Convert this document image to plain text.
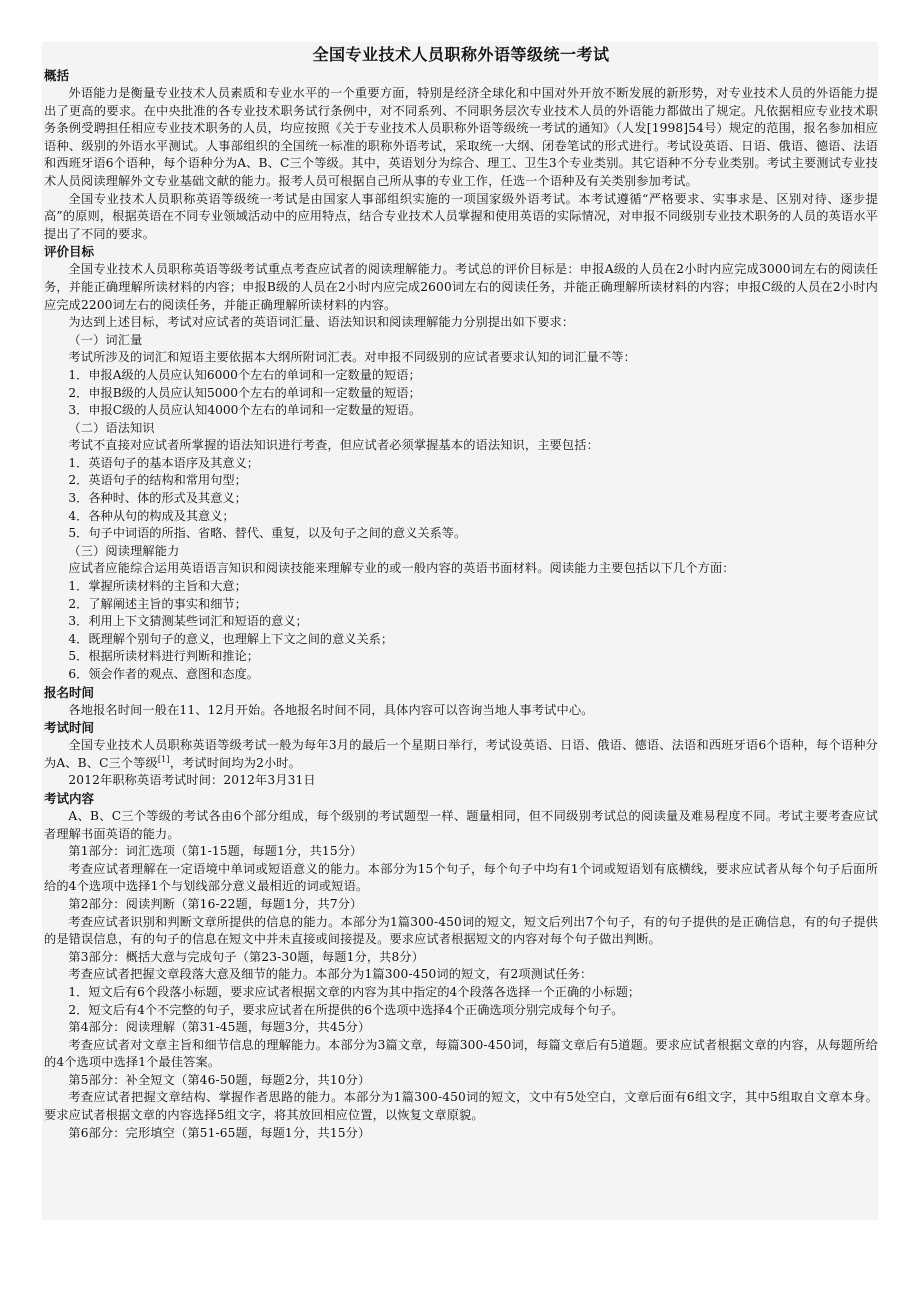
全国专业技术人员职称外语等级统一考试
概括

外语能力是衡量专业技术人员素质和专业水平的一个重要方面，特别是经济全球化和中国对外开放不断发展的新形势，对专业技术人员的外语能力提出了更高的要求。在中央批准的各专业技术职务试行条例中，对不同系列、不同职务层次专业技术人员的外语能力都做出了规定。凡依据相应专业技术职务条例受聘担任相应专业技术职务的人员，均应按照《关于专业技术人员职称外语等级统一考试的通知》（人发[1998]54号）规定的范围，报名参加相应语种、级别的外语水平测试。人事部组织的全国统一标准的职称外语考试，采取统一大纲、闭卷笔试的形式进行。考试设英语、日语、俄语、德语、法语和西班牙语6个语种，每个语种分为A、B、C三个等级。其中，英语划分为综合、理工、卫生3个专业类别。其它语种不分专业类别。考试主要测试专业技术人员阅读理解外文专业基础文献的能力。报考人员可根据自己所从事的专业工作，任选一个语种及有关类别参加考试。

全国专业技术人员职称英语等级统一考试是由国家人事部组织实施的一项国家级外语考试。本考试遵循“严格要求、实事求是、区别对待、逐步提高”的原则，根据英语在不同专业领域活动中的应用特点，结合专业技术人员掌握和使用英语的实际情况，对申报不同级别专业技术职务的人员的英语水平提出了不同的要求。

评价目标

全国专业技术人员职称英语等级考试重点考查应试者的阅读理解能力。考试总的评价目标是：申报A级的人员在2小时内应完成3000词左右的阅读任务，并能正确理解所读材料的内容；申报B级的人员在2小时内应完成2600词左右的阅读任务，并能正确理解所读材料的内容；申报C级的人员在2小时内应完成2200词左右的阅读任务，并能正确理解所读材料的内容。

为达到上述目标，考试对应试者的英语词汇量、语法知识和阅读理解能力分别提出如下要求：

（一）词汇量

考试所涉及的词汇和短语主要依据本大纲所附词汇表。对申报不同级别的应试者要求认知的词汇量不等：

1．申报A级的人员应认知6000个左右的单词和一定数量的短语；
2．申报B级的人员应认知5000个左右的单词和一定数量的短语；
3．申报C级的人员应认知4000个左右的单词和一定数量的短语。

（二）语法知识

考试不直接对应试者所掌握的语法知识进行考查，但应试者必须掌握基本的语法知识，主要包括：

1．英语句子的基本语序及其意义；
2．英语句子的结构和常用句型；
3．各种时、体的形式及其意义；
4．各种从句的构成及其意义；
5．句子中词语的所指、省略、替代、重复，以及句子之间的意义关系等。

（三）阅读理解能力

应试者应能综合运用英语语言知识和阅读技能来理解专业的或一般内容的英语书面材料。阅读能力主要包括以下几个方面：

1．掌握所读材料的主旨和大意；
2．了解阐述主旨的事实和细节；
3．利用上下文猜测某些词汇和短语的意义；
4．既理解个别句子的意义，也理解上下文之间的意义关系；
5．根据所读材料进行判断和推论；
6．领会作者的观点、意图和态度。
报名时间

各地报名时间一般在11、12月开始。各地报名时间不同，具体内容可以咨询当地人事考试中心。

考试时间

全国专业技术人员职称英语等级考试一般为每年3月的最后一个星期日举行，考试设英语、日语、俄语、德语、法语和西班牙语6个语种，每个语种分为A、B、C三个等级[1]，考试时间均为2小时。

2012年职称英语考试时间：2012年3月31日

考试内容

A、B、C三个等级的考试各由6个部分组成，每个级别的考试题型一样、题量相同，但不同级别考试总的阅读量及难易程度不同。考试主要考查应试者理解书面英语的能力。

第1部分：词汇选项（第1-15题，每题1分，共15分）

考查应试者理解在一定语境中单词或短语意义的能力。本部分为15个句子，每个句子中均有1个词或短语划有底横线，要求应试者从每个句子后面所给的4个选项中选择1个与划线部分意义最相近的词或短语。

第2部分：阅读判断（第16-22题，每题1分，共7分）

考查应试者识别和判断文章所提供的信息的能力。本部分为1篇300-450词的短文，短文后列出7个句子，有的句子提供的是正确信息，有的句子提供的是错误信息，有的句子的信息在短文中并未直接或间接提及。要求应试者根据短文的内容对每个句子做出判断。

第3部分：概括大意与完成句子（第23-30题，每题1分，共8分）

考查应试者把握文章段落大意及细节的能力。本部分为1篇300-450词的短文，有2项测试任务：

1．短文后有6个段落小标题，要求应试者根据文章的内容为其中指定的4个段落各选择一个正确的小标题；
2．短文后有4个不完整的句子，要求应试者在所提供的6个选项中选择4个正确选项分别完成每个句子。

第4部分：阅读理解（第31-45题，每题3分，共45分）

考查应试者对文章主旨和细节信息的理解能力。本部分为3篇文章，每篇300-450词，每篇文章后有5道题。要求应试者根据文章的内容，从每题所给的4个选项中选择1个最佳答案。

第5部分：补全短文（第46-50题，每题2分，共10分）

考查应试者把握文章结构、掌握作者思路的能力。本部分为1篇300-450词的短文，文中有5处空白，文章后面有6组文字，其中5组取自文章本身。要求应试者根据文章的内容选择5组文字，将其放回相应位置，以恢复文章原貌。

第6部分：完形填空（第51-65题，每题1分，共15分）
